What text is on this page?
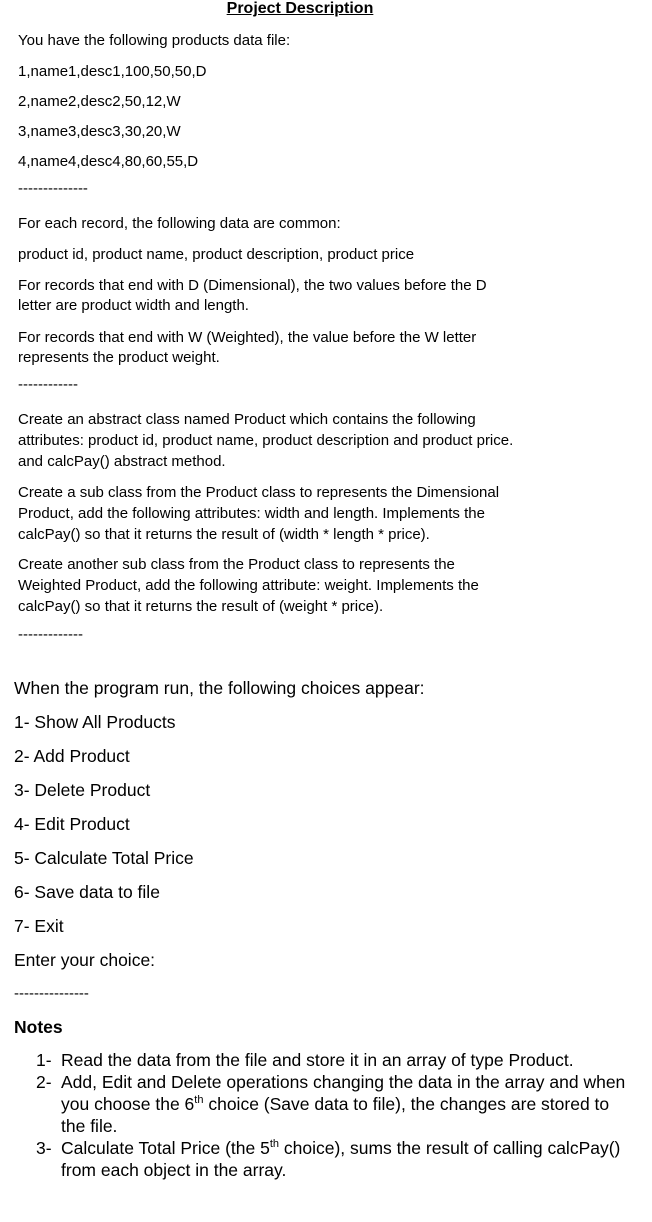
Project Description
You have the following products data file:
1,name1,desc1,100,50,50,D
2,name2,desc2,50,12,W
3,name3,desc3,30,20,W
4,name4,desc4,80,60,55,D
--------------
For each record, the following data are common:
product id, product name, product description, product price
For records that end with D (Dimensional), the two values before the D
letter are product width and length.
For records that end with W (Weighted), the value before the W letter
represents the product weight.
------------
Create an abstract class named Product which contains the following
attributes: product id, product name, product description and product price.
and calcPay() abstract method.
Create a sub class from the Product class to represents the Dimensional
Product, add the following attributes: width and length. Implements the
calcPay() so that it returns the result of (width * length * price).
Create another sub class from the Product class to represents the
Weighted Product, add the following attribute: weight. Implements the
calcPay() so that it returns the result of (weight * price).
-------------
When the program run, the following choices appear:
1- Show All Products
2- Add Product
3- Delete Product
4- Edit Product
5- Calculate Total Price
6- Save data to file
7- Exit
Enter your choice:
---------------
Notes
1- Read the data from the file and store it in an array of type Product.
2- Add, Edit and Delete operations changing the data in the array and when you choose the 6th choice (Save data to file), the changes are stored to the file.
3- Calculate Total Price (the 5th choice), sums the result of calling calcPay() from each object in the array.
